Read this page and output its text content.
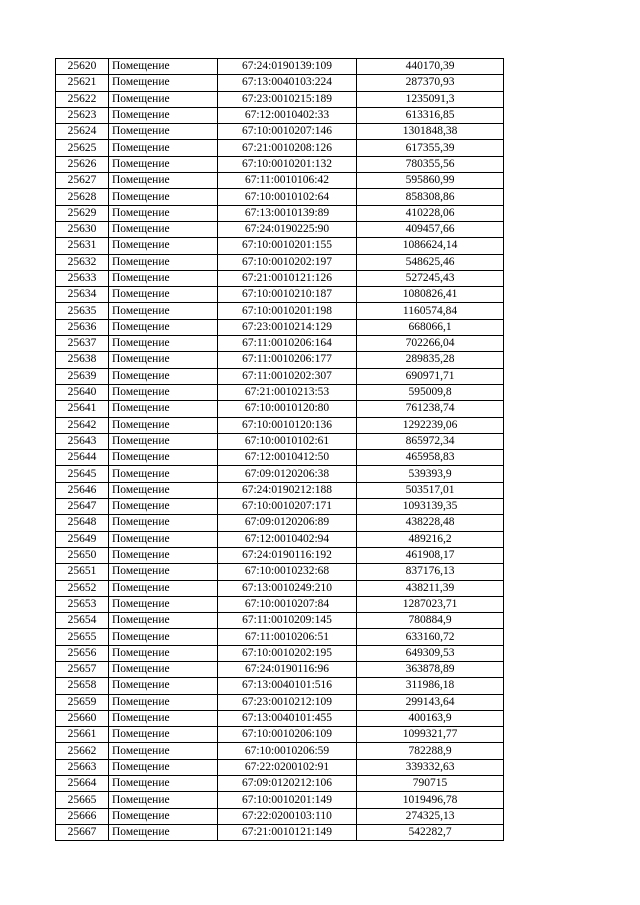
25620	Помещение	67:24:0190139:109	440170,39
25621	Помещение	67:13:0040103:224	287370,93
25622	Помещение	67:23:0010215:189	1235091,3
25623	Помещение	67:12:0010402:33	613316,85
25624	Помещение	67:10:0010207:146	1301848,38
25625	Помещение	67:21:0010208:126	617355,39
25626	Помещение	67:10:0010201:132	780355,56
25627	Помещение	67:11:0010106:42	595860,99
25628	Помещение	67:10:0010102:64	858308,86
25629	Помещение	67:13:0010139:89	410228,06
25630	Помещение	67:24:0190225:90	409457,66
25631	Помещение	67:10:0010201:155	1086624,14
25632	Помещение	67:10:0010202:197	548625,46
25633	Помещение	67:21:0010121:126	527245,43
25634	Помещение	67:10:0010210:187	1080826,41
25635	Помещение	67:10:0010201:198	1160574,84
25636	Помещение	67:23:0010214:129	668066,1
25637	Помещение	67:11:0010206:164	702266,04
25638	Помещение	67:11:0010206:177	289835,28
25639	Помещение	67:11:0010202:307	690971,71
25640	Помещение	67:21:0010213:53	595009,8
25641	Помещение	67:10:0010120:80	761238,74
25642	Помещение	67:10:0010120:136	1292239,06
25643	Помещение	67:10:0010102:61	865972,34
25644	Помещение	67:12:0010412:50	465958,83
25645	Помещение	67:09:0120206:38	539393,9
25646	Помещение	67:24:0190212:188	503517,01
25647	Помещение	67:10:0010207:171	1093139,35
25648	Помещение	67:09:0120206:89	438228,48
25649	Помещение	67:12:0010402:94	489216,2
25650	Помещение	67:24:0190116:192	461908,17
25651	Помещение	67:10:0010232:68	837176,13
25652	Помещение	67:13:0010249:210	438211,39
25653	Помещение	67:10:0010207:84	1287023,71
25654	Помещение	67:11:0010209:145	780884,9
25655	Помещение	67:11:0010206:51	633160,72
25656	Помещение	67:10:0010202:195	649309,53
25657	Помещение	67:24:0190116:96	363878,89
25658	Помещение	67:13:0040101:516	311986,18
25659	Помещение	67:23:0010212:109	299143,64
25660	Помещение	67:13:0040101:455	400163,9
25661	Помещение	67:10:0010206:109	1099321,77
25662	Помещение	67:10:0010206:59	782288,9
25663	Помещение	67:22:0200102:91	339332,63
25664	Помещение	67:09:0120212:106	790715
25665	Помещение	67:10:0010201:149	1019496,78
25666	Помещение	67:22:0200103:110	274325,13
25667	Помещение	67:21:0010121:149	542282,7
